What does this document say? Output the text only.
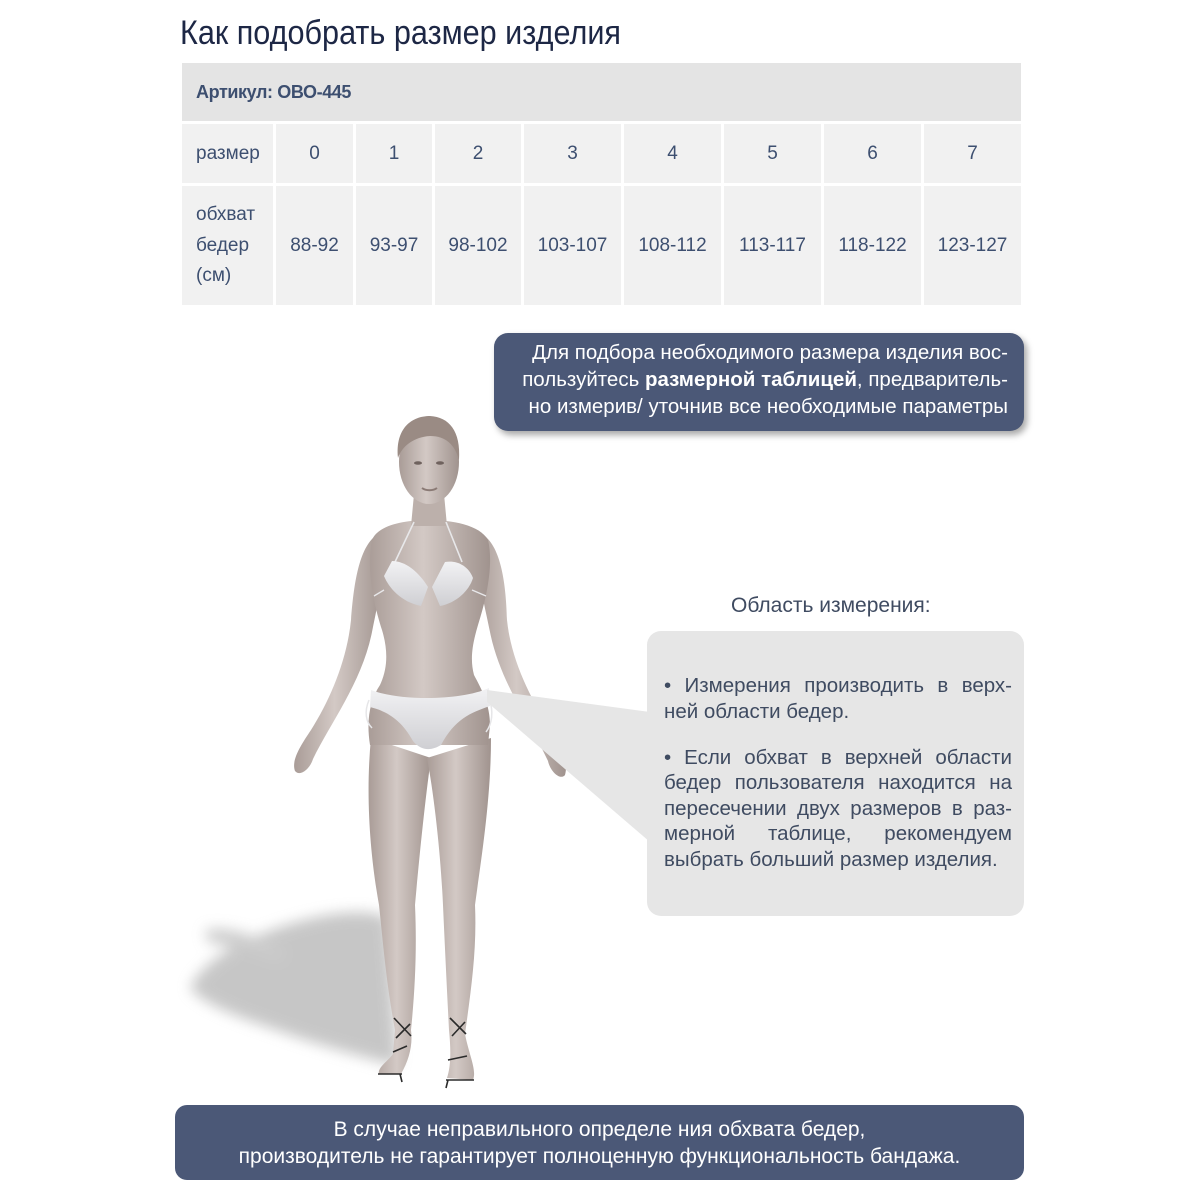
Как подобрать размер изделия
Артикул: ОВО-445
размер	0	1	2	3	4	5	6	7
обхват
бедер
(см)
88-92	93-97	98-102	103-107	108-112	113-117	118-122	123-127
Для подбора необходимого размера изделия вос-
пользуйтесь размерной таблицей, предваритель-
но измерив/ уточнив все необходимые параметры
Область измерения:
• Измерения производить в верх-
ней области бедер.
• Если обхват в верхней области
бедер пользователя находится на
пересечении двух размеров в раз-
мерной таблице, рекомендуем
выбрать больший размер изделия.
В случае неправильного определе ния обхвата бедер,
производитель не гарантирует полноценную функциональность бандажа.
